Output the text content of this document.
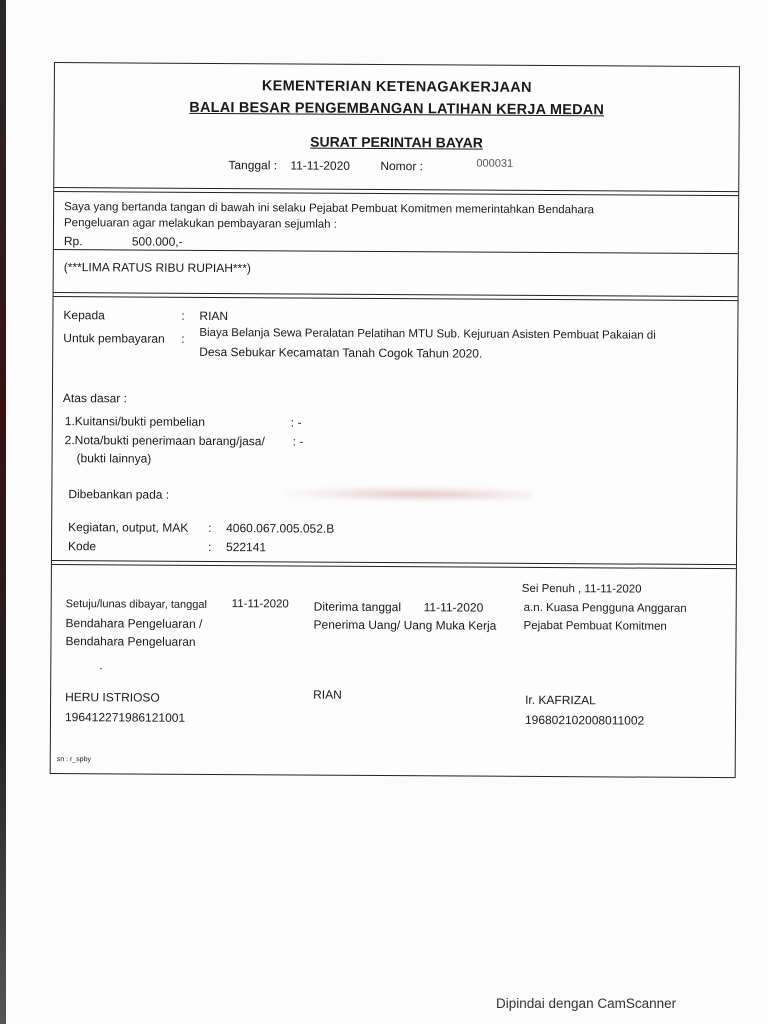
KEMENTERIAN KETENAGAKERJAAN
BALAI BESAR PENGEMBANGAN LATIHAN KERJA MEDAN
SURAT PERINTAH BAYAR
Tanggal : 11-11-2020	Nomor :	000031
Saya yang bertanda tangan di bawah ini selaku Pejabat Pembuat Komitmen memerintahkan Bendahara
Pengeluaran agar melakukan pembayaran sejumlah :
Rp.	500.000,-
(***LIMA RATUS RIBU RUPIAH***)
Kepada	: RIAN
Untuk pembayaran : Biaya Belanja Sewa Peralatan Pelatihan MTU Sub. Kejuruan Asisten Pembuat Pakaian di
Desa Sebukar Kecamatan Tanah Cogok Tahun 2020.
Atas dasar :
1.Kuitansi/bukti pembelian	: -
2.Nota/bukti penerimaan barang/jasa/ : -
(bukti lainnya)
Dibebankan pada :
Kegiatan, output, MAK : 4060.067.005.052.B
Kode	: 522141
Sei Penuh , 11-11-2020
Setuju/lunas dibayar, tanggal 11-11-2020
Bendahara Pengeluaran /
Bendahara Pengeluaran
.
HERU ISTRIOSO
196412271986121001
Diterima tanggal 11-11-2020
Penerima Uang/ Uang Muka Kerja
RIAN
a.n. Kuasa Pengguna Anggaran
Pejabat Pembuat Komitmen
Ir. KAFRIZAL
196802102008011002
sn : r_spby
Dipindai dengan CamScanner
